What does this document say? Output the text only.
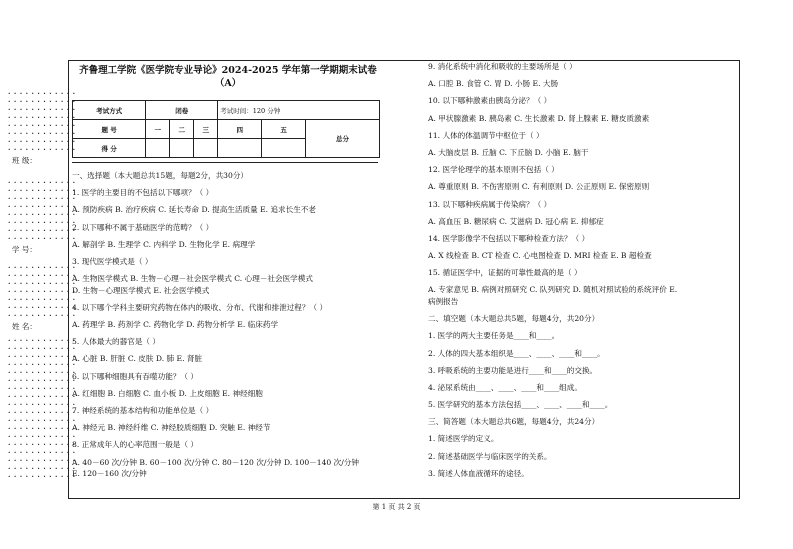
· · · · · · · · · · · ·
· · · · · · · · · · · ·
· · · · · · · · · · · ·
· · · · · · · · · · · ·
· · · · · · · · · · · ·
· · · · · · · · · · · ·
· · · · · · · · · · · ·
· · · · · · · · · · · ·
班 级：
· · · · · · · · · · · ·
· · · · · · · · · · · ·
· · · · · · · · · · · ·
· · · · · · · · · · · ·
· · · · · · · · · · · ·
· · · · · · · · · · · ·
· · · · · · · · · · · ·
· · · · · · · · · · · ·
学 号：
· · · · · · · · · · · ·
· · · · · · · · · · · ·
· · · · · · · · · · · ·
· · · · · · · · · · · ·
· · · · · · · · · · · ·
· · · · · · · · · · · ·
· · · · · · · · · · · ·
姓 名：
· · · · · · · · · · · ·
· · · · · · · · · · · ·
· · · · · · · · · · · ·
· · · · · · · · · · · ·
· · · · · · · · · · · ·
· · · · · · · · · · · ·
· · · · · · · · · · · ·
· · · · · · · · · · · ·
· · · · · · · · · · · ·
· · · · · · · · · · · ·
· · · · · · · · · · · ·
· · · · · · · · · · · ·
· · · · · · · · · · · ·
· · · · · · · · · · · ·
· · · · · · · · · · · ·
· · · · · · · · · · · ·
· · · · · · · · · · · ·
· · · · · · · · · · · ·
齐鲁理工学院《医学院专业导论》2024-2025 学年第一学期期末试卷
（A）
考试方式	闭卷			考试时间：120 分钟		
题 号	一	二	三	四	五	总分
得 分						

一、选择题（本大题总共15题，每题2分，共30分）

1. 医学的主要目的不包括以下哪项？（ ）

A. 预防疾病 B. 治疗疾病 C. 延长寿命 D. 提高生活质量 E. 追求长生不老

2. 以下哪种不属于基础医学的范畴？（ ）

A. 解剖学 B. 生理学 C. 内科学 D. 生物化学 E. 病理学

3. 现代医学模式是（ ）

A. 生物医学模式 B. 生物－心理－社会医学模式 C. 心理－社会医学模式

D. 生物－心理医学模式 E. 社会医学模式

4. 以下哪个学科主要研究药物在体内的吸收、分布、代谢和排泄过程？（ ）

A. 药理学 B. 药剂学 C. 药物化学 D. 药物分析学 E. 临床药学

5. 人体最大的器官是（ ）

A. 心脏 B. 肝脏 C. 皮肤 D. 肺 E. 肾脏

6. 以下哪种细胞具有吞噬功能？（ ）

A. 红细胞 B. 白细胞 C. 血小板 D. 上皮细胞 E. 神经细胞

7. 神经系统的基本结构和功能单位是（ ）

A. 神经元 B. 神经纤维 C. 神经胶质细胞 D. 突触 E. 神经节

8. 正常成年人的心率范围一般是（ ）

A. 40－60 次/分钟 B. 60－100 次/分钟 C. 80－120 次/分钟 D. 100－140 次/分钟

E. 120－160 次/分钟

9. 消化系统中消化和吸收的主要场所是（ ）

A. 口腔 B. 食管 C. 胃 D. 小肠 E. 大肠

10. 以下哪种激素由胰岛分泌？（ ）

A. 甲状腺激素 B. 胰岛素 C. 生长激素 D. 肾上腺素 E. 糖皮质激素

11. 人体的体温调节中枢位于（ ）

A. 大脑皮层 B. 丘脑 C. 下丘脑 D. 小脑 E. 脑干

12. 医学伦理学的基本原则不包括（ ）

A. 尊重原则 B. 不伤害原则 C. 有利原则 D. 公正原则 E. 保密原则

13. 以下哪种疾病属于传染病？（ ）

A. 高血压 B. 糖尿病 C. 艾滋病 D. 冠心病 E. 抑郁症

14. 医学影像学不包括以下哪种检查方法？（ ）

A. X 线检查 B. CT 检查 C. 心电图检查 D. MRI 检查 E. B 超检查

15. 循证医学中，证据的可靠性最高的是（ ）

A. 专家意见 B. 病例对照研究 C. 队列研究 D. 随机对照试验的系统评价 E.

病例报告

二、填空题（本大题总共5题，每题4分，共20分）

1. 医学的两大主要任务是____和____。

2. 人体的四大基本组织是____、____、____和____。

3. 呼吸系统的主要功能是进行____和____的交换。

4. 泌尿系统由____、____、____和____组成。

5. 医学研究的基本方法包括____、____、____和____。

三、简答题（本大题总共6题，每题4分，共24分）

1. 简述医学的定义。

2. 简述基础医学与临床医学的关系。

3. 简述人体血液循环的途径。

第 1 页 共 2 页
